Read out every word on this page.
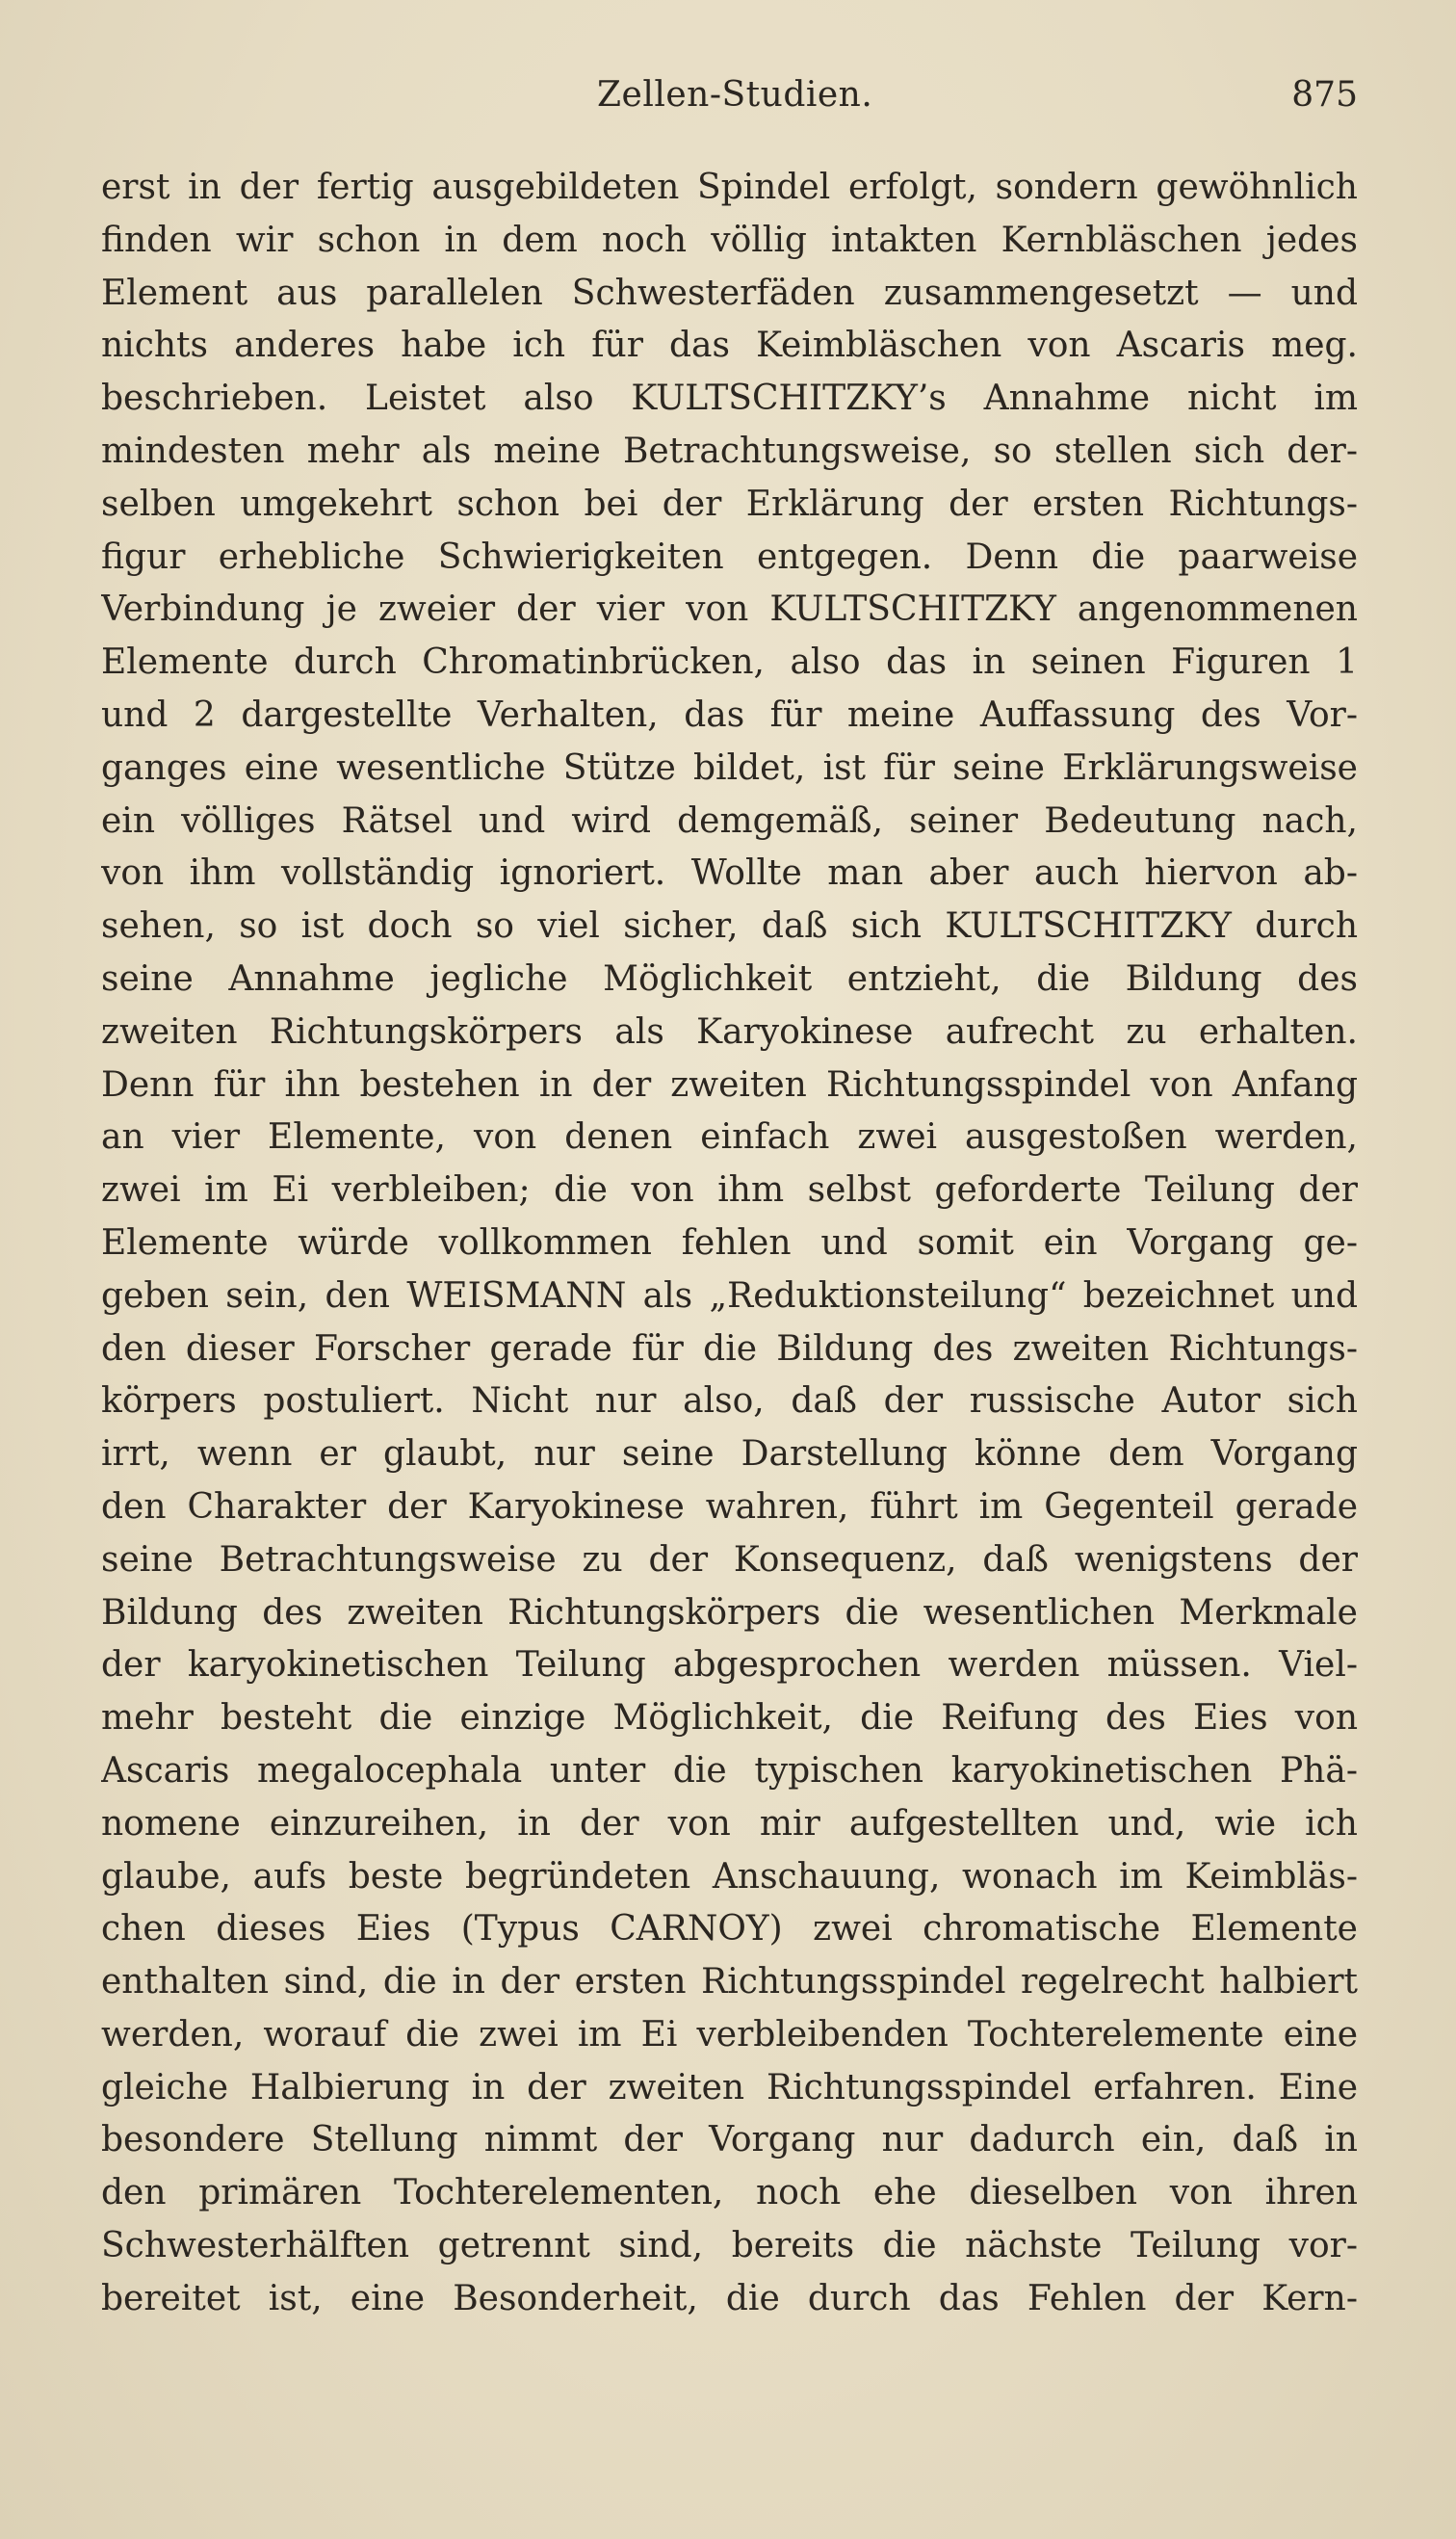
Zellen-Studien.	875
erst in der fertig ausgebildeten Spindel erfolgt, sondern gewöhnlich
finden wir schon in dem noch völlig intakten Kernbläschen jedes
Element aus parallelen Schwesterfäden zusammengesetzt — und
nichts anderes habe ich für das Keimbläschen von Ascaris meg.
beschrieben. Leistet also KULTSCHITZKY’s Annahme nicht im
mindesten mehr als meine Betrachtungsweise, so stellen sich der-
selben umgekehrt schon bei der Erklärung der ersten Richtungs-
figur erhebliche Schwierigkeiten entgegen. Denn die paarweise
Verbindung je zweier der vier von KULTSCHITZKY angenommenen
Elemente durch Chromatinbrücken, also das in seinen Figuren 1
und 2 dargestellte Verhalten, das für meine Auffassung des Vor-
ganges eine wesentliche Stütze bildet, ist für seine Erklärungsweise
ein völliges Rätsel und wird demgemäß, seiner Bedeutung nach,
von ihm vollständig ignoriert. Wollte man aber auch hiervon ab-
sehen, so ist doch so viel sicher, daß sich KULTSCHITZKY durch
seine Annahme jegliche Möglichkeit entzieht, die Bildung des
zweiten Richtungskörpers als Karyokinese aufrecht zu erhalten.
Denn für ihn bestehen in der zweiten Richtungsspindel von Anfang
an vier Elemente, von denen einfach zwei ausgestoßen werden,
zwei im Ei verbleiben; die von ihm selbst geforderte Teilung der
Elemente würde vollkommen fehlen und somit ein Vorgang ge-
geben sein, den WEISMANN als „Reduktionsteilung“ bezeichnet und
den dieser Forscher gerade für die Bildung des zweiten Richtungs-
körpers postuliert. Nicht nur also, daß der russische Autor sich
irrt, wenn er glaubt, nur seine Darstellung könne dem Vorgang
den Charakter der Karyokinese wahren, führt im Gegenteil gerade
seine Betrachtungsweise zu der Konsequenz, daß wenigstens der
Bildung des zweiten Richtungskörpers die wesentlichen Merkmale
der karyokinetischen Teilung abgesprochen werden müssen. Viel-
mehr besteht die einzige Möglichkeit, die Reifung des Eies von
Ascaris megalocephala unter die typischen karyokinetischen Phä-
nomene einzureihen, in der von mir aufgestellten und, wie ich
glaube, aufs beste begründeten Anschauung, wonach im Keimbläs-
chen dieses Eies (Typus CARNOY) zwei chromatische Elemente
enthalten sind, die in der ersten Richtungsspindel regelrecht halbiert
werden, worauf die zwei im Ei verbleibenden Tochterelemente eine
gleiche Halbierung in der zweiten Richtungsspindel erfahren. Eine
besondere Stellung nimmt der Vorgang nur dadurch ein, daß in
den primären Tochterelementen, noch ehe dieselben von ihren
Schwesterhälften getrennt sind, bereits die nächste Teilung vor-
bereitet ist, eine Besonderheit, die durch das Fehlen der Kern-
